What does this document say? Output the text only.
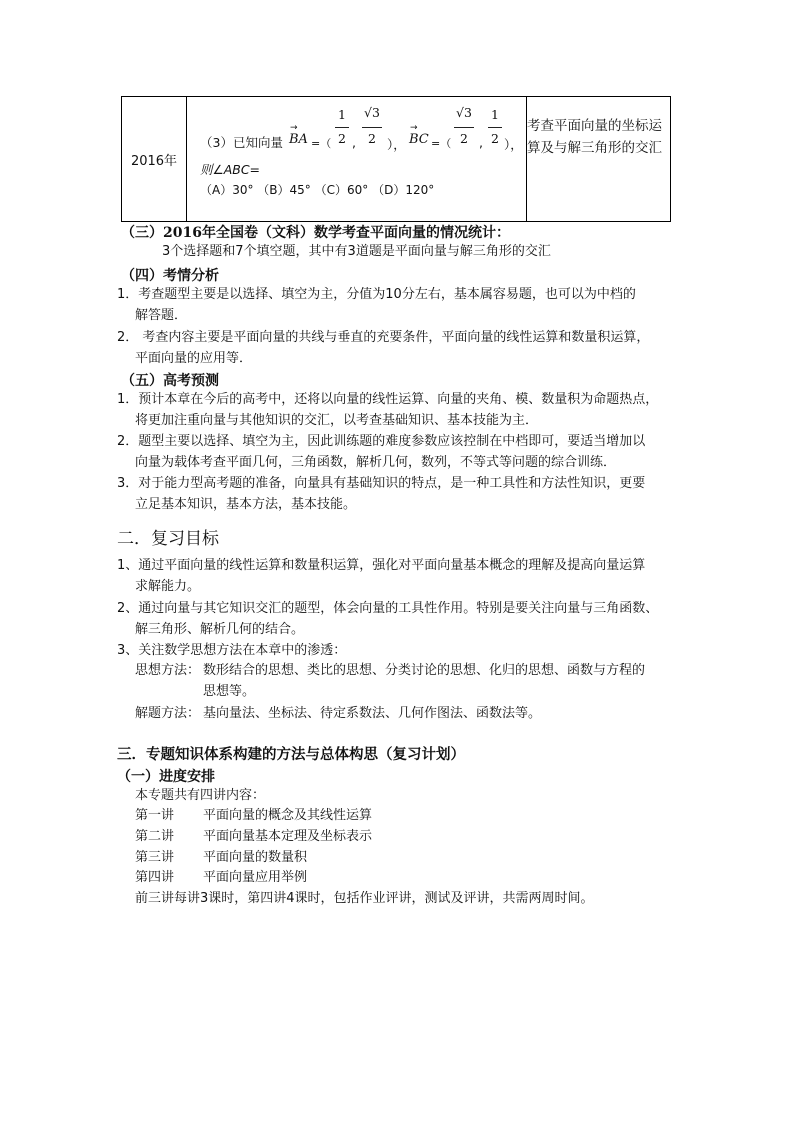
2016年
（3）已知向量
→
BA =（
1
2 ,
√3
2 ），
→
BC =（
√3
2 ,
1
2 ），
则∠ABC=
（A）30° （B）45° （C）60° （D）120°
考查平面向量的坐标运算及与解三角形的交汇
（三）2016年全国卷（文科）数学考查平面向量的情况统计：
3个选择题和7个填空题，其中有3道题是平面向量与解三角形的交汇
（四）考情分析
1．考查题型主要是以选择、填空为主，分值为10分左右，基本属容易题，也可以为中档的
解答题．
2． 考查内容主要是平面向量的共线与垂直的充要条件，平面向量的线性运算和数量积运算，
平面向量的应用等．
（五）高考预测
1．预计本章在今后的高考中，还将以向量的线性运算、向量的夹角、模、数量积为命题热点，
将更加注重向量与其他知识的交汇，以考查基础知识、基本技能为主．
2．题型主要以选择、填空为主，因此训练题的难度参数应该控制在中档即可，要适当增加以
向量为载体考查平面几何，三角函数，解析几何，数列，不等式等问题的综合训练．
3．对于能力型高考题的准备，向量具有基础知识的特点，是一种工具性和方法性知识，更要
立足基本知识，基本方法，基本技能。
二．复习目标
1、通过平面向量的线性运算和数量积运算，强化对平面向量基本概念的理解及提高向量运算
求解能力。
2、通过向量与其它知识交汇的题型，体会向量的工具性作用。特别是要关注向量与三角函数、
解三角形、解析几何的结合。
3、关注数学思想方法在本章中的渗透：
思想方法： 数形结合的思想、类比的思想、分类讨论的思想、化归的思想、函数与方程的
思想等。
解题方法： 基向量法、坐标法、待定系数法、几何作图法、函数法等。
三．专题知识体系构建的方法与总体构思（复习计划）
（一）进度安排
本专题共有四讲内容：
第一讲 平面向量的概念及其线性运算
第二讲 平面向量基本定理及坐标表示
第三讲 平面向量的数量积
第四讲 平面向量应用举例
前三讲每讲3课时，第四讲4课时，包括作业评讲，测试及评讲，共需两周时间。
